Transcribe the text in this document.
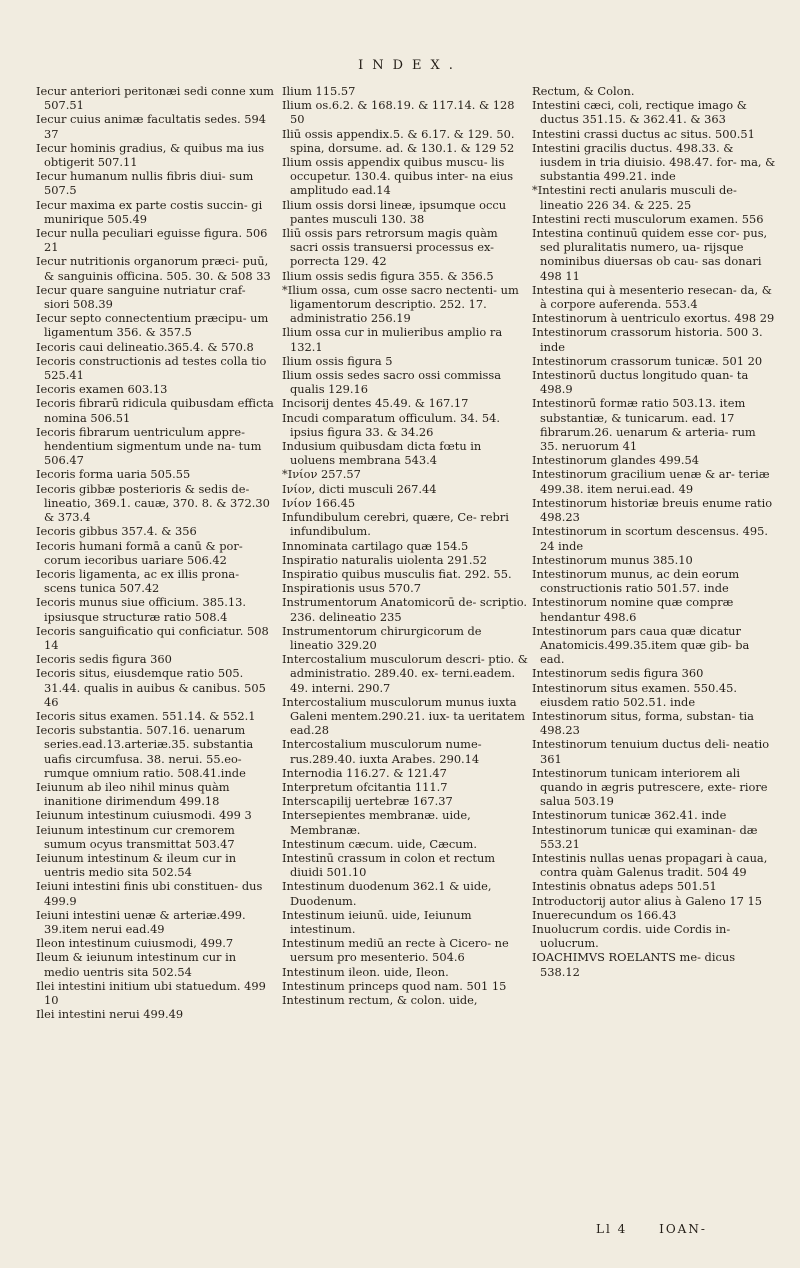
INDEX.

Iecur anteriori peritonæi sedi conne xum 507.51

Iecur cuius animæ facultatis sedes. 594 37

Iecur hominis gradius, & quibus ma ius obtigerit 507.11

Iecur humanum nullis fibris diui- sum 507.5

Iecur maxima ex parte costis succin- gi munirique 505.49

Iecur nulla peculiari eguisse figura. 506 21

Iecur nutritionis organorum præci- puū, & sanguinis officina. 505. 30. & 508 33

Iecur quare sanguine nutriatur craf- siori 508.39

Iecur septo connectentium præcipu- um ligamentum 356. & 357.5

Iecoris caui delineatio.365.4. & 570.8

Iecoris constructionis ad testes colla tio 525.41

Iecoris examen 603.13

Iecoris fibrarū ridicula quibusdam efficta nomina 506.51

Iecoris fibrarum uentriculum appre- hendentium sigmentum unde na- tum 506.47

Iecoris forma uaria 505.55

Iecoris gibbæ posterioris & sedis de- lineatio, 369.1. cauæ, 370. 8. & 372.30 & 373.4

Iecoris gibbus 357.4. & 356

Iecoris humani formā a canū & por- corum iecoribus uariare 506.42

Iecoris ligamenta, ac ex illis prona- scens tunica 507.42

Iecoris munus siue officium. 385.13. ipsiusque structuræ ratio 508.4

Iecoris sanguificatio qui conficiatur. 508 14

Iecoris sedis figura 360

Iecoris situs, eiusdemque ratio 505. 31.44. qualis in auibus & canibus. 505 46

Iecoris situs examen. 551.14. & 552.1

Iecoris substantia. 507.16. uenarum series.ead.13.arteriæ.35. substantia uafis circumfusa. 38. nerui. 55.eo- rumque omnium ratio. 508.41.inde

Ieiunum ab ileo nihil minus quàm inanitione dirimendum 499.18

Ieiunum intestinum cuiusmodi. 499 3

Ieiunum intestinum cur cremorem sumum ocyus transmittat 503.47

Ieiunum intestinum & ileum cur in uentris medio sita 502.54

Ieiuni intestini finis ubi constituen- dus 499.9

Ieiuni intestini uenæ & arteriæ.499. 39.item nerui ead.49

Ileon intestinum cuiusmodi, 499.7

Ileum & ieiunum intestinum cur in medio uentris sita 502.54

Ilei intestini initium ubi statuedum. 499 10

Ilei intestini nerui 499.49

Ilium 115.57

Ilium os.6.2. & 168.19. & 117.14. & 128 50

Iliū ossis appendix.5. & 6.17. & 129. 50. spina, dorsume. ad. & 130.1. & 129 52

Ilium ossis appendix quibus muscu- lis occupetur. 130.4. quibus inter- na eius amplitudo ead.14

Ilium ossis dorsi lineæ, ipsumque occu pantes musculi 130. 38

Iliū ossis pars retrorsum magis quàm sacri ossis transuersi processus ex- porrecta 129. 42

Ilium ossis sedis figura 355. & 356.5

*Ilium ossa, cum osse sacro nectenti- um ligamentorum descriptio. 252. 17. administratio 256.19

Ilium ossa cur in mulieribus amplio ra 132.1

Ilium ossis figura 5

Ilium ossis sedes sacro ossi commissa qualis 129.16

Incisorij dentes 45.49. & 167.17

Incudi comparatum officulum. 34. 54. ipsius figura 33. & 34.26

Indusium quibusdam dicta fœtu in uoluens membrana 543.4

*Ινίον 257.57

Ινίον, dicti musculi 267.44

Ινίον 166.45

Infundibulum cerebri, quære, Ce- rebri infundibulum.

Innominata cartilago quæ 154.5

Inspiratio naturalis uiolenta 291.52

Inspiratio quibus musculis fiat. 292. 55.

Inspirationis usus 570.7

Instrumentorum Anatomicorū de- scriptio. 236. delineatio 235

Instrumentorum chirurgicorum de lineatio 329.20

Intercostalium musculorum descri- ptio. & administratio. 289.40. ex- terni.eadem. 49. interni. 290.7

Intercostalium musculorum munus iuxta Galeni mentem.290.21. iux- ta ueritatem ead.28

Intercostalium musculorum nume- rus.289.40. iuxta Arabes. 290.14

Internodia 116.27. & 121.47

Interpretum ofcitantia 111.7

Interscapilij uertebræ 167.37

Intersepientes membranæ. uide, Membranæ.

Intestinum cæcum. uide, Cæcum.

Intestinū crassum in colon et rectum diuidi 501.10

Intestinum duodenum 362.1 & uide, Duodenum.

Intestinum ieiunū. uide, Ieiunum intestinum.

Intestinum mediū an recte à Cicero- ne uersum pro mesenterio. 504.6

Intestinum ileon. uide, Ileon.

Intestinum princeps quod nam. 501 15

Intestinum rectum, & colon. uide,

Rectum, & Colon.

Intestini cæci, coli, rectique imago & ductus 351.15. & 362.41. & 363

Intestini crassi ductus ac situs. 500.51

Intestini gracilis ductus. 498.33. & iusdem in tria diuisio. 498.47. for- ma, & substantia 499.21. inde

*Intestini recti anularis musculi de- lineatio 226 34. & 225. 25

Intestini recti musculorum examen. 556

Intestina continuū quidem esse cor- pus, sed pluralitatis numero, ua- rijsque nominibus diuersas ob cau- sas donari 498 11

Intestina qui à mesenterio resecan- da, & à corpore auferenda. 553.4

Intestinorum à uentriculo exortus. 498 29

Intestinorum crassorum historia. 500 3. inde

Intestinorum crassorum tunicæ. 501 20

Intestinorū ductus longitudo quan- ta 498.9

Intestinorū formæ ratio 503.13. item substantiæ, & tunicarum. ead. 17 fibrarum.26. uenarum & arteria- rum 35. neruorum 41

Intestinorum glandes 499.54

Intestinorum gracilium uenæ & ar- teriæ 499.38. item nerui.ead. 49

Intestinorum historiæ breuis enume ratio 498.23

Intestinorum in scortum descensus. 495. 24 inde

Intestinorum munus 385.10

Intestinorum munus, ac dein eorum constructionis ratio 501.57. inde

Intestinorum nomine quæ compræ hendantur 498.6

Intestinorum pars caua quæ dicatur Anatomicis.499.35.item quæ gib- ba ead.

Intestinorum sedis figura 360

Intestinorum situs examen. 550.45. eiusdem ratio 502.51. inde

Intestinorum situs, forma, substan- tia 498.23

Intestinorum tenuium ductus deli- neatio 361

Intestinorum tunicam interiorem ali quando in ægris putrescere, exte- riore salua 503.19

Intestinorum tunicæ 362.41. inde

Intestinorum tunicæ qui examinan- dæ 553.21

Intestinis nullas uenas propagari à caua, contra quàm Galenus tradit. 504 49

Intestinis obnatus adeps 501.51

Introductorij autor alius à Galeno 17 15

Inuerecundum os 166.43

Inuolucrum cordis. uide Cordis in- uolucrum.

IOACHIMVS ROELANTS me- dicus 538.12

Ll 4	IOAN-
